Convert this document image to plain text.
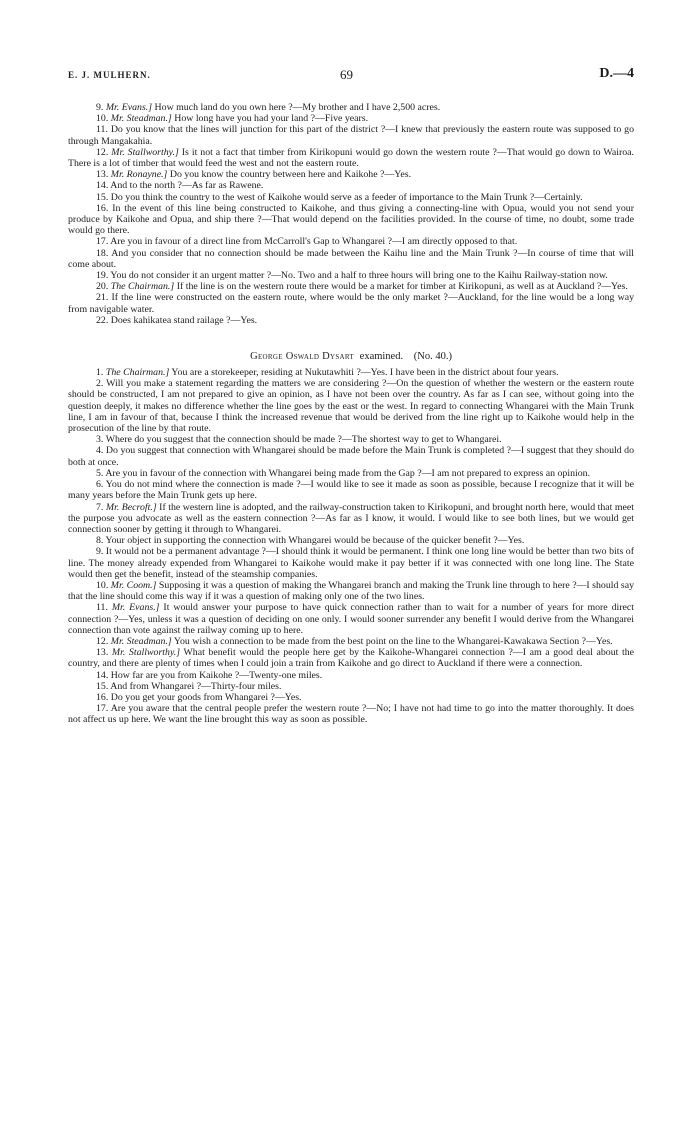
E. J. MULHERN.	69	D.—4

9. Mr. Evans.] How much land do you own here ?—My brother and I have 2,500 acres.

10. Mr. Steadman.] How long have you had your land ?—Five years.

11. Do you know that the lines will junction for this part of the district ?—I knew that previously the eastern route was supposed to go through Mangakahia.

12. Mr. Stallworthy.] Is it not a fact that timber from Kirikopuni would go down the western route ?—That would go down to Wairoa. There is a lot of timber that would feed the west and not the eastern route.

13. Mr. Ronayne.] Do you know the country between here and Kaikohe ?—Yes.

14. And to the north ?—As far as Rawene.

15. Do you think the country to the west of Kaikohe would serve as a feeder of importance to the Main Trunk ?—Certainly.

16. In the event of this line being constructed to Kaikohe, and thus giving a connecting-line with Opua, would you not send your produce by Kaikohe and Opua, and ship there ?—That would depend on the facilities provided. In the course of time, no doubt, some trade would go there.

17. Are you in favour of a direct line from McCarroll's Gap to Whangarei ?—I am directly opposed to that.

18. And you consider that no connection should be made between the Kaihu line and the Main Trunk ?—In course of time that will come about.

19. You do not consider it an urgent matter ?—No. Two and a half to three hours will bring one to the Kaihu Railway-station now.

20. The Chairman.] If the line is on the western route there would be a market for timber at Kirikopuni, as well as at Auckland ?—Yes.

21. If the line were constructed on the eastern route, where would be the only market ?—Auckland, for the line would be a long way from navigable water.

22. Does kahikatea stand railage ?—Yes.

George Oswald Dysart examined. (No. 40.)

1. The Chairman.] You are a storekeeper, residing at Nukutawhiti ?—Yes. I have been in the district about four years.

2. Will you make a statement regarding the matters we are considering ?—On the question of whether the western or the eastern route should be constructed, I am not prepared to give an opinion, as I have not been over the country. As far as I can see, without going into the question deeply, it makes no difference whether the line goes by the east or the west. In regard to connecting Whangarei with the Main Trunk line, I am in favour of that, because I think the increased revenue that would be derived from the line right up to Kaikohe would help in the prosecution of the line by that route.

3. Where do you suggest that the connection should be made ?—The shortest way to get to Whangarei.

4. Do you suggest that connection with Whangarei should be made before the Main Trunk is completed ?—I suggest that they should do both at once.

5. Are you in favour of the connection with Whangarei being made from the Gap ?—I am not prepared to express an opinion.

6. You do not mind where the connection is made ?—I would like to see it made as soon as possible, because I recognize that it will be many years before the Main Trunk gets up here.

7. Mr. Becroft.] If the western line is adopted, and the railway-construction taken to Kirikopuni, and brought north here, would that meet the purpose you advocate as well as the eastern connection ?—As far as I know, it would. I would like to see both lines, but we would get connection sooner by getting it through to Whangarei.

8. Your object in supporting the connection with Whangarei would be because of the quicker benefit ?—Yes.

9. It would not be a permanent advantage ?—I should think it would be permanent. I think one long line would be better than two bits of line. The money already expended from Whangarei to Kaikohe would make it pay better if it was connected with one long line. The State would then get the benefit, instead of the steamship companies.

10. Mr. Coom.] Supposing it was a question of making the Whangarei branch and making the Trunk line through to here ?—I should say that the line should come this way if it was a question of making only one of the two lines.

11. Mr. Evans.] It would answer your purpose to have quick connection rather than to wait for a number of years for more direct connection ?—Yes, unless it was a question of deciding on one only. I would sooner surrender any benefit I would derive from the Whangarei connection than vote against the railway coming up to here.

12. Mr. Steadman.] You wish a connection to be made from the best point on the line to the Whangarei-Kawakawa Section ?—Yes.

13. Mr. Stallworthy.] What benefit would the people here get by the Kaikohe-Whangarei connection ?—I am a good deal about the country, and there are plenty of times when I could join a train from Kaikohe and go direct to Auckland if there were a connection.

14. How far are you from Kaikohe ?—Twenty-one miles.

15. And from Whangarei ?—Thirty-four miles.

16. Do you get your goods from Whangarei ?—Yes.

17. Are you aware that the central people prefer the western route ?—No; I have not had time to go into the matter thoroughly. It does not affect us up here. We want the line brought this way as soon as possible.
